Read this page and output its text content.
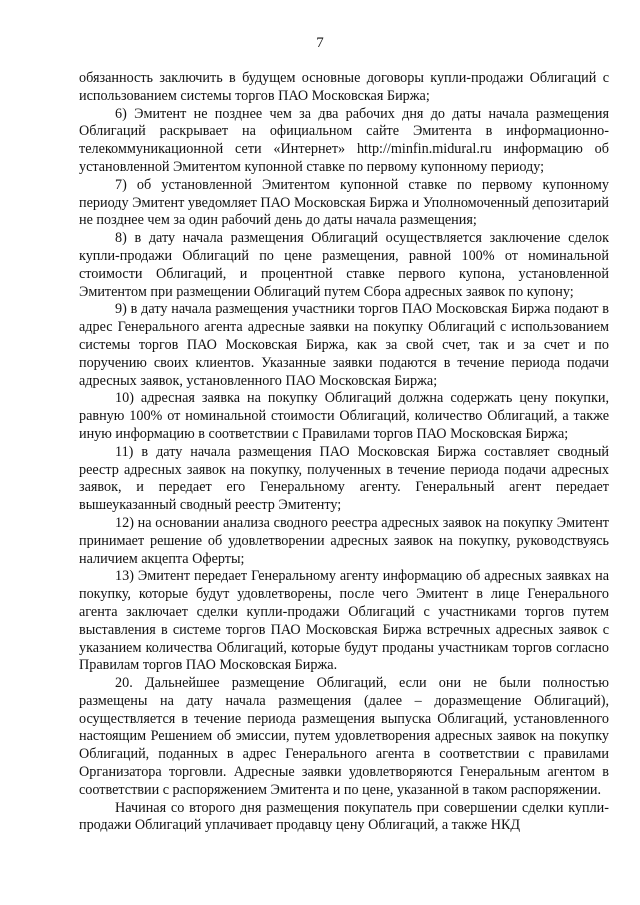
7

обязанность заключить в будущем основные договоры купли-продажи Облигаций с использованием системы торгов ПАО Московская Биржа;

6) Эмитент не позднее чем за два рабочих дня до даты начала размещения Облигаций раскрывает на официальном сайте Эмитента в информационно-телекоммуникационной сети «Интернет» http://minfin.midural.ru информацию об установленной Эмитентом купонной ставке по первому купонному периоду;

7) об установленной Эмитентом купонной ставке по первому купонному периоду Эмитент уведомляет ПАО Московская Биржа и Уполномоченный депозитарий не позднее чем за один рабочий день до даты начала размещения;

8) в дату начала размещения Облигаций осуществляется заключение сделок купли-продажи Облигаций по цене размещения, равной 100% от номинальной стоимости Облигаций, и процентной ставке первого купона, установленной Эмитентом при размещении Облигаций путем Сбора адресных заявок по купону;

9) в дату начала размещения участники торгов ПАО Московская Биржа подают в адрес Генерального агента адресные заявки на покупку Облигаций с использованием системы торгов ПАО Московская Биржа, как за свой счет, так и за счет и по поручению своих клиентов. Указанные заявки подаются в течение периода подачи адресных заявок, установленного ПАО Московская Биржа;

10) адресная заявка на покупку Облигаций должна содержать цену покупки, равную 100% от номинальной стоимости Облигаций, количество Облигаций, а также иную информацию в соответствии с Правилами торгов ПАО Московская Биржа;

11) в дату начала размещения ПАО Московская Биржа составляет сводный реестр адресных заявок на покупку, полученных в течение периода подачи адресных заявок, и передает его Генеральному агенту. Генеральный агент передает вышеуказанный сводный реестр Эмитенту;

12) на основании анализа сводного реестра адресных заявок на покупку Эмитент принимает решение об удовлетворении адресных заявок на покупку, руководствуясь наличием акцепта Оферты;

13) Эмитент передает Генеральному агенту информацию об адресных заявках на покупку, которые будут удовлетворены, после чего Эмитент в лице Генерального агента заключает сделки купли-продажи Облигаций с участниками торгов путем выставления в системе торгов ПАО Московская Биржа встречных адресных заявок с указанием количества Облигаций, которые будут проданы участникам торгов согласно Правилам торгов ПАО Московская Биржа.

20. Дальнейшее размещение Облигаций, если они не были полностью размещены на дату начала размещения (далее – доразмещение Облигаций), осуществляется в течение периода размещения выпуска Облигаций, установленного настоящим Решением об эмиссии, путем удовлетворения адресных заявок на покупку Облигаций, поданных в адрес Генерального агента в соответствии с правилами Организатора торговли. Адресные заявки удовлетворяются Генеральным агентом в соответствии с распоряжением Эмитента и по цене, указанной в таком распоряжении.

Начиная со второго дня размещения покупатель при совершении сделки купли-продажи Облигаций уплачивает продавцу цену Облигаций, а также НКД
